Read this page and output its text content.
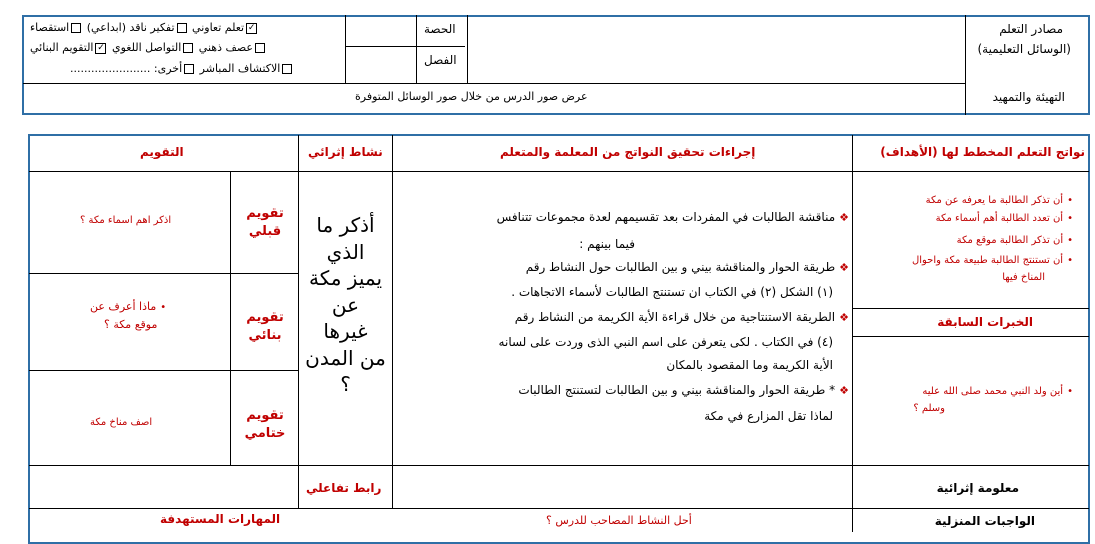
مصادر التعلم
(الوسائل التعليمية)
التهيئة والتمهيد
الحصة
الفصل
عرض صور الدرس من خلال صور الوسائل المتوفرة
✓تعلم تعاوني تفكير ناقد (ابداعي) استقصاء
عصف ذهني التواصل اللغوي ✓التقويم البنائي
الاكتشاف المباشر أخرى: .......................
نواتج التعلم المخطط لها (الأهداف)
إجراءات تحقيق النواتج من المعلمة والمتعلم
نشاط إثرائي
التقويم
•أن تذكر الطالبة ما يعرفه عن مكة
•أن تعدد الطالبة أهم أسماء مكة
•أن تذكر الطالبة موقع مكة
•أن تستنتج الطالبة طبيعة مكة واحوال
المناخ فيها
الخبرات السابقة
•أين ولد النبي محمد صلى الله عليه
وسلم ؟
معلومة إثرائية
الواجبات المنزلية
❖مناقشة الطالبات في المفردات بعد تقسيمهم لعدة مجموعات تتنافس
فيما بينهم :
❖طريقة الحوار والمناقشة بيني و بين الطالبات حول النشاط رقم
(١) الشكل (٢) في الكتاب ان تستنتج الطالبات لأسماء الاتجاهات .
❖الطريقة الاستنتاجية من خلال قراءة الأية الكريمة من النشاط رقم
(٤) في الكتاب . لكى يتعرفن على اسم النبي الذى وردت على لسانه
الأية الكريمة وما المقصود بالمكان
❖* طريقة الحوار والمناقشة بيني و بين الطالبات لتستنتج الطالبات
لماذا تقل المزارع في مكة
أذكر ما
الذي
يميز مكة
عن
غيرها
من المدن
؟
رابط تفاعلي
أحل النشاط المصاحب للدرس ؟
المهارات المستهدفة
تقويم
قبلي
اذكر اهم اسماء مكة ؟
تقويم
بنائي
•ماذا أعرف عن
موقع مكة ؟
تقويم
ختامي
اصف مناخ مكة
